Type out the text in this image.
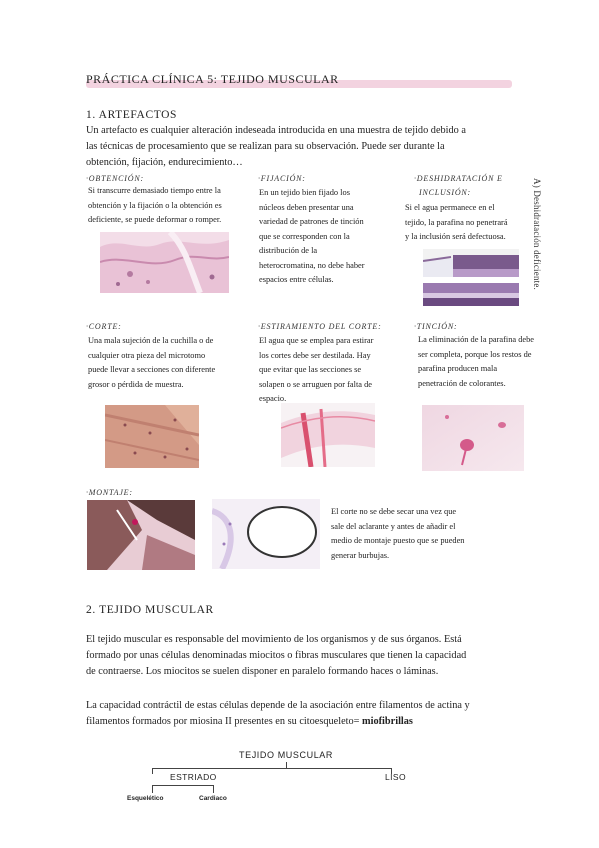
PRÁCTICA CLÍNICA 5: TEJIDO MUSCULAR
1. ARTEFACTOS
Un artefacto es cualquier alteración indeseada introducida en una muestra de tejido debido a
las técnicas de procesamiento que se realizan para su observación. Puede ser durante la
obtención, fijación, endurecimiento…
A) Deshidratación deficiente.
·OBTENCIÓN:
Si transcurre demasiado tiempo entre la
obtención y la fijación o la obtención es
deficiente, se puede deformar o romper.
·FIJACIÓN:
En un tejido bien fijado los
núcleos deben presentar una
variedad de patrones de tinción
que se corresponden con la
distribución de la
heterocromatina, no debe haber
espacios entre células.
·DESHIDRATACIÓN E
INCLUSIÓN:
Si el agua permanece en el
tejido, la parafina no penetrará
y la inclusión será defectuosa.
·CORTE:
Una mala sujeción de la cuchilla o de
cualquier otra pieza del microtomo
puede llevar a secciones con diferente
grosor o pérdida de muestra.
·ESTIRAMIENTO DEL CORTE:
El agua que se emplea para estirar
los cortes debe ser destilada. Hay
que evitar que las secciones se
solapen o se arruguen por falta de
espacio.
·TINCIÓN:
La eliminación de la parafina debe
ser completa, porque los restos de
parafina producen mala
penetración de colorantes.
·MONTAJE:
El corte no se debe secar una vez que
sale del aclarante y antes de añadir el
medio de montaje puesto que se pueden
generar burbujas.
2. TEJIDO MUSCULAR
El tejido muscular es responsable del movimiento de los organismos y de sus órganos. Está
formado por unas células denominadas miocitos o fibras musculares que tienen la capacidad
de contraerse. Los miocitos se suelen disponer en paralelo formando haces o láminas.
La capacidad contráctil de estas células depende de la asociación entre filamentos de actina y
filamentos formados por miosina II presentes en su citoesqueleto= miofibrillas
TEJIDO MUSCULAR
ESTRIADO	LISO
Esquelético	Cardiaco
